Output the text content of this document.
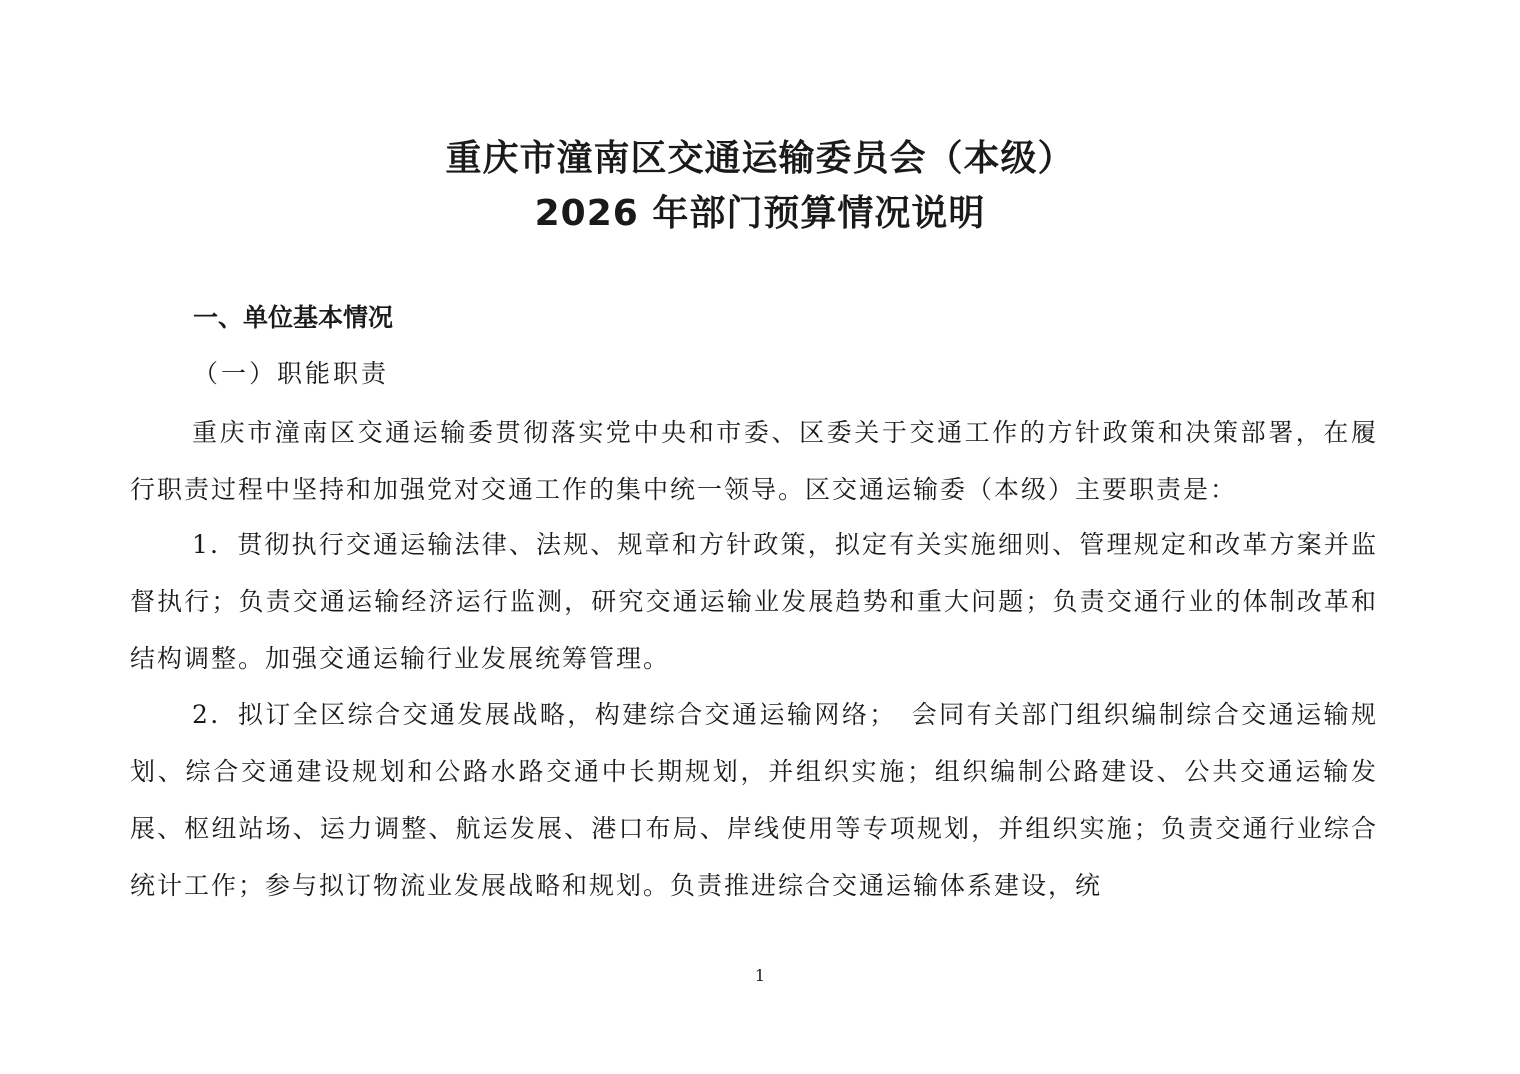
重庆市潼南区交通运输委员会（本级）
2026 年部门预算情况说明
一、单位基本情况
（一）职能职责
重庆市潼南区交通运输委贯彻落实党中央和市委、区委关于交通工作的方针政策和决策部署，在履行职责过程中坚持和加强党对交通工作的集中统一领导。区交通运输委（本级）主要职责是：
1．贯彻执行交通运输法律、法规、规章和方针政策，拟定有关实施细则、管理规定和改革方案并监督执行；负责交通运输经济运行监测，研究交通运输业发展趋势和重大问题；负责交通行业的体制改革和结构调整。加强交通运输行业发展统筹管理。
2．拟订全区综合交通发展战略，构建综合交通运输网络；　会同有关部门组织编制综合交通运输规划、综合交通建设规划和公路水路交通中长期规划，并组织实施；组织编制公路建设、公共交通运输发展、枢纽站场、运力调整、航运发展、港口布局、岸线使用等专项规划，并组织实施；负责交通行业综合统计工作；参与拟订物流业发展战略和规划。负责推进综合交通运输体系建设，统
1
